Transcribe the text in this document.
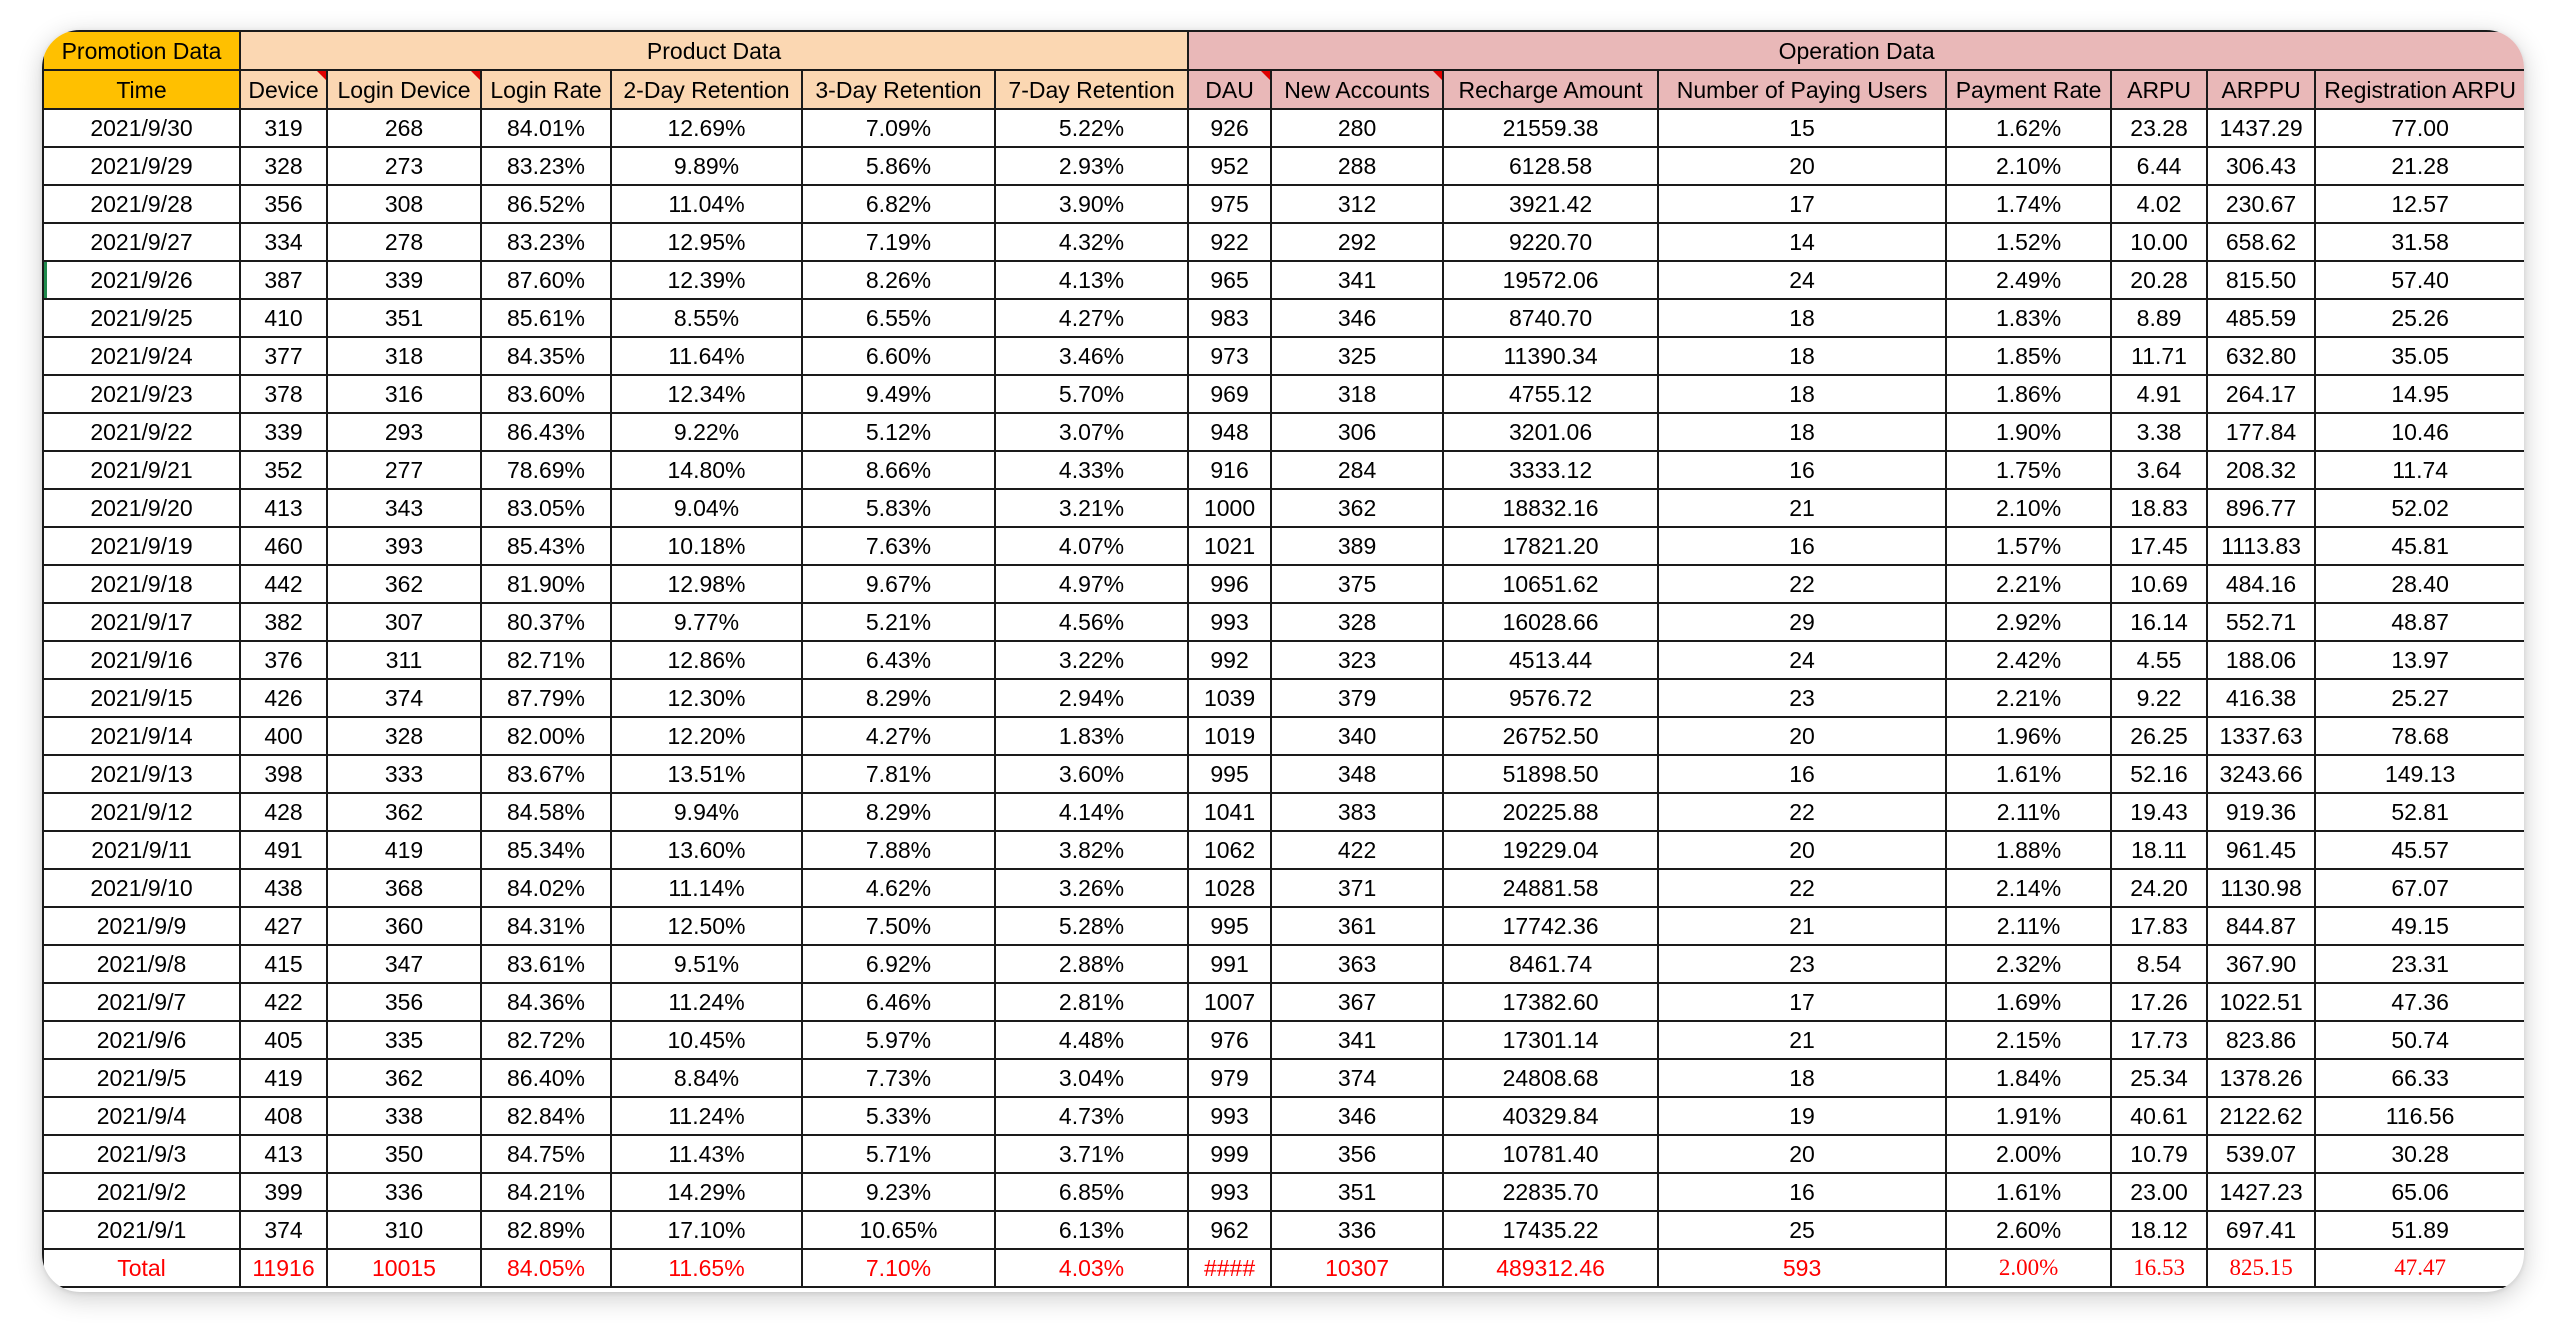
Promotion Data	Product Data						Operation Data							
Time	Device	Login Device	Login Rate	2-Day Retention	3-Day Retention	7-Day Retention	DAU	New Accounts	Recharge Amount	Number of Paying Users	Payment Rate	ARPU	ARPPU	Registration ARPU
2021/9/30	319	268	84.01%	12.69%	7.09%	5.22%	926	280	21559.38	15	1.62%	23.28	1437.29	77.00
2021/9/29	328	273	83.23%	9.89%	5.86%	2.93%	952	288	6128.58	20	2.10%	6.44	306.43	21.28
2021/9/28	356	308	86.52%	11.04%	6.82%	3.90%	975	312	3921.42	17	1.74%	4.02	230.67	12.57
2021/9/27	334	278	83.23%	12.95%	7.19%	4.32%	922	292	9220.70	14	1.52%	10.00	658.62	31.58
2021/9/26	387	339	87.60%	12.39%	8.26%	4.13%	965	341	19572.06	24	2.49%	20.28	815.50	57.40
2021/9/25	410	351	85.61%	8.55%	6.55%	4.27%	983	346	8740.70	18	1.83%	8.89	485.59	25.26
2021/9/24	377	318	84.35%	11.64%	6.60%	3.46%	973	325	11390.34	18	1.85%	11.71	632.80	35.05
2021/9/23	378	316	83.60%	12.34%	9.49%	5.70%	969	318	4755.12	18	1.86%	4.91	264.17	14.95
2021/9/22	339	293	86.43%	9.22%	5.12%	3.07%	948	306	3201.06	18	1.90%	3.38	177.84	10.46
2021/9/21	352	277	78.69%	14.80%	8.66%	4.33%	916	284	3333.12	16	1.75%	3.64	208.32	11.74
2021/9/20	413	343	83.05%	9.04%	5.83%	3.21%	1000	362	18832.16	21	2.10%	18.83	896.77	52.02
2021/9/19	460	393	85.43%	10.18%	7.63%	4.07%	1021	389	17821.20	16	1.57%	17.45	1113.83	45.81
2021/9/18	442	362	81.90%	12.98%	9.67%	4.97%	996	375	10651.62	22	2.21%	10.69	484.16	28.40
2021/9/17	382	307	80.37%	9.77%	5.21%	4.56%	993	328	16028.66	29	2.92%	16.14	552.71	48.87
2021/9/16	376	311	82.71%	12.86%	6.43%	3.22%	992	323	4513.44	24	2.42%	4.55	188.06	13.97
2021/9/15	426	374	87.79%	12.30%	8.29%	2.94%	1039	379	9576.72	23	2.21%	9.22	416.38	25.27
2021/9/14	400	328	82.00%	12.20%	4.27%	1.83%	1019	340	26752.50	20	1.96%	26.25	1337.63	78.68
2021/9/13	398	333	83.67%	13.51%	7.81%	3.60%	995	348	51898.50	16	1.61%	52.16	3243.66	149.13
2021/9/12	428	362	84.58%	9.94%	8.29%	4.14%	1041	383	20225.88	22	2.11%	19.43	919.36	52.81
2021/9/11	491	419	85.34%	13.60%	7.88%	3.82%	1062	422	19229.04	20	1.88%	18.11	961.45	45.57
2021/9/10	438	368	84.02%	11.14%	4.62%	3.26%	1028	371	24881.58	22	2.14%	24.20	1130.98	67.07
2021/9/9	427	360	84.31%	12.50%	7.50%	5.28%	995	361	17742.36	21	2.11%	17.83	844.87	49.15
2021/9/8	415	347	83.61%	9.51%	6.92%	2.88%	991	363	8461.74	23	2.32%	8.54	367.90	23.31
2021/9/7	422	356	84.36%	11.24%	6.46%	2.81%	1007	367	17382.60	17	1.69%	17.26	1022.51	47.36
2021/9/6	405	335	82.72%	10.45%	5.97%	4.48%	976	341	17301.14	21	2.15%	17.73	823.86	50.74
2021/9/5	419	362	86.40%	8.84%	7.73%	3.04%	979	374	24808.68	18	1.84%	25.34	1378.26	66.33
2021/9/4	408	338	82.84%	11.24%	5.33%	4.73%	993	346	40329.84	19	1.91%	40.61	2122.62	116.56
2021/9/3	413	350	84.75%	11.43%	5.71%	3.71%	999	356	10781.40	20	2.00%	10.79	539.07	30.28
2021/9/2	399	336	84.21%	14.29%	9.23%	6.85%	993	351	22835.70	16	1.61%	23.00	1427.23	65.06
2021/9/1	374	310	82.89%	17.10%	10.65%	6.13%	962	336	17435.22	25	2.60%	18.12	697.41	51.89
Total	11916	10015	84.05%	11.65%	7.10%	4.03%	####	10307	489312.46	593	2.00%	16.53	825.15	47.47
